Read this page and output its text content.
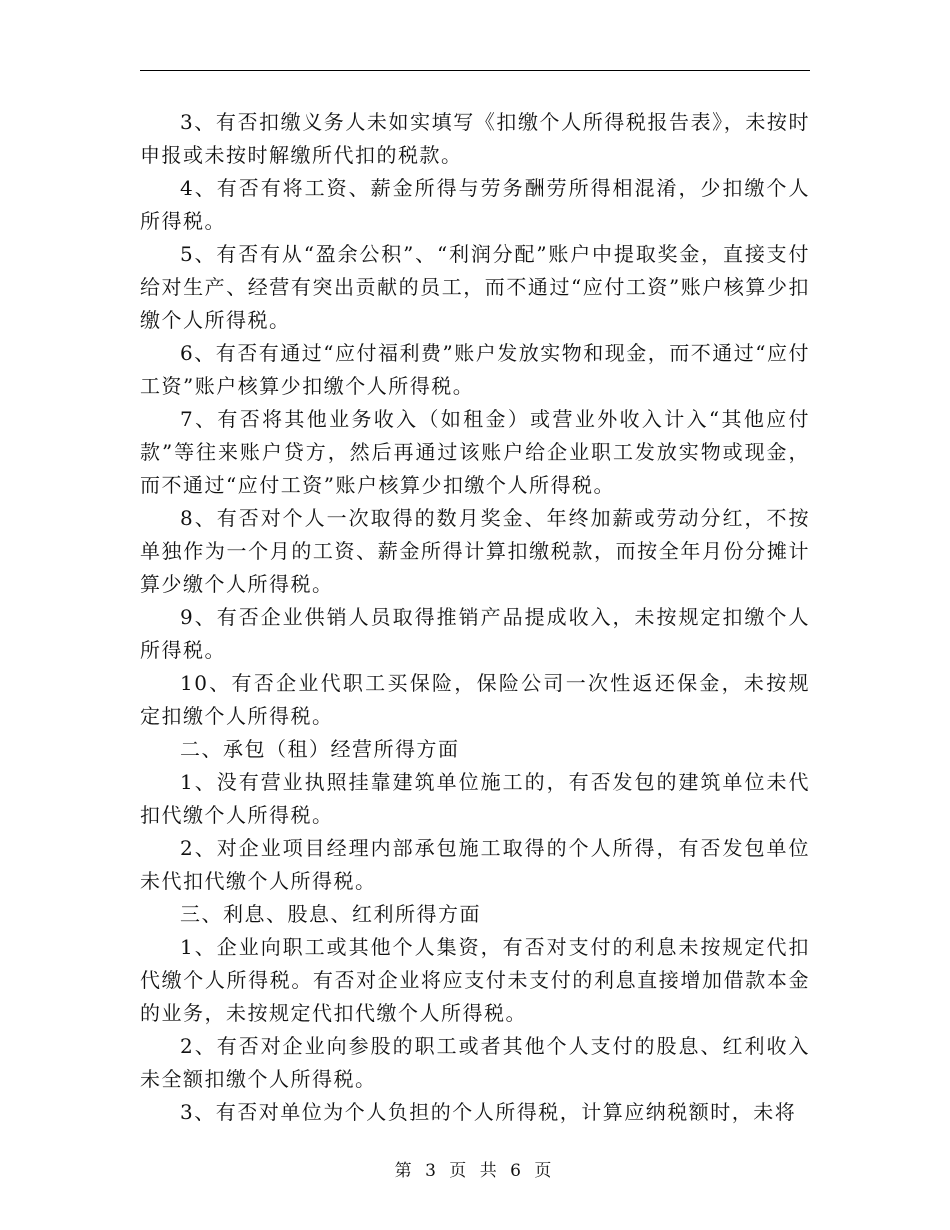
3、有否扣缴义务人未如实填写《扣缴个人所得税报告表》，未按时申报或未按时解缴所代扣的税款。

4、有否有将工资、薪金所得与劳务酬劳所得相混淆，少扣缴个人所得税。

5、有否有从“盈余公积”、“利润分配”账户中提取奖金，直接支付给对生产、经营有突出贡献的员工，而不通过“应付工资”账户核算少扣缴个人所得税。

6、有否有通过“应付福利费”账户发放实物和现金，而不通过“应付工资”账户核算少扣缴个人所得税。

7、有否将其他业务收入（如租金）或营业外收入计入“其他应付款”等往来账户贷方，然后再通过该账户给企业职工发放实物或现金，而不通过“应付工资”账户核算少扣缴个人所得税。

8、有否对个人一次取得的数月奖金、年终加薪或劳动分红，不按单独作为一个月的工资、薪金所得计算扣缴税款，而按全年月份分摊计算少缴个人所得税。

9、有否企业供销人员取得推销产品提成收入，未按规定扣缴个人所得税。

10、有否企业代职工买保险，保险公司一次性返还保金，未按规定扣缴个人所得税。

二、承包（租）经营所得方面

1、没有营业执照挂靠建筑单位施工的，有否发包的建筑单位未代扣代缴个人所得税。

2、对企业项目经理内部承包施工取得的个人所得，有否发包单位未代扣代缴个人所得税。

三、利息、股息、红利所得方面

1、企业向职工或其他个人集资，有否对支付的利息未按规定代扣代缴个人所得税。有否对企业将应支付未支付的利息直接增加借款本金的业务，未按规定代扣代缴个人所得税。

2、有否对企业向参股的职工或者其他个人支付的股息、红利收入未全额扣缴个人所得税。

3、有否对单位为个人负担的个人所得税，计算应纳税额时，未将

第 3 页 共 6 页
